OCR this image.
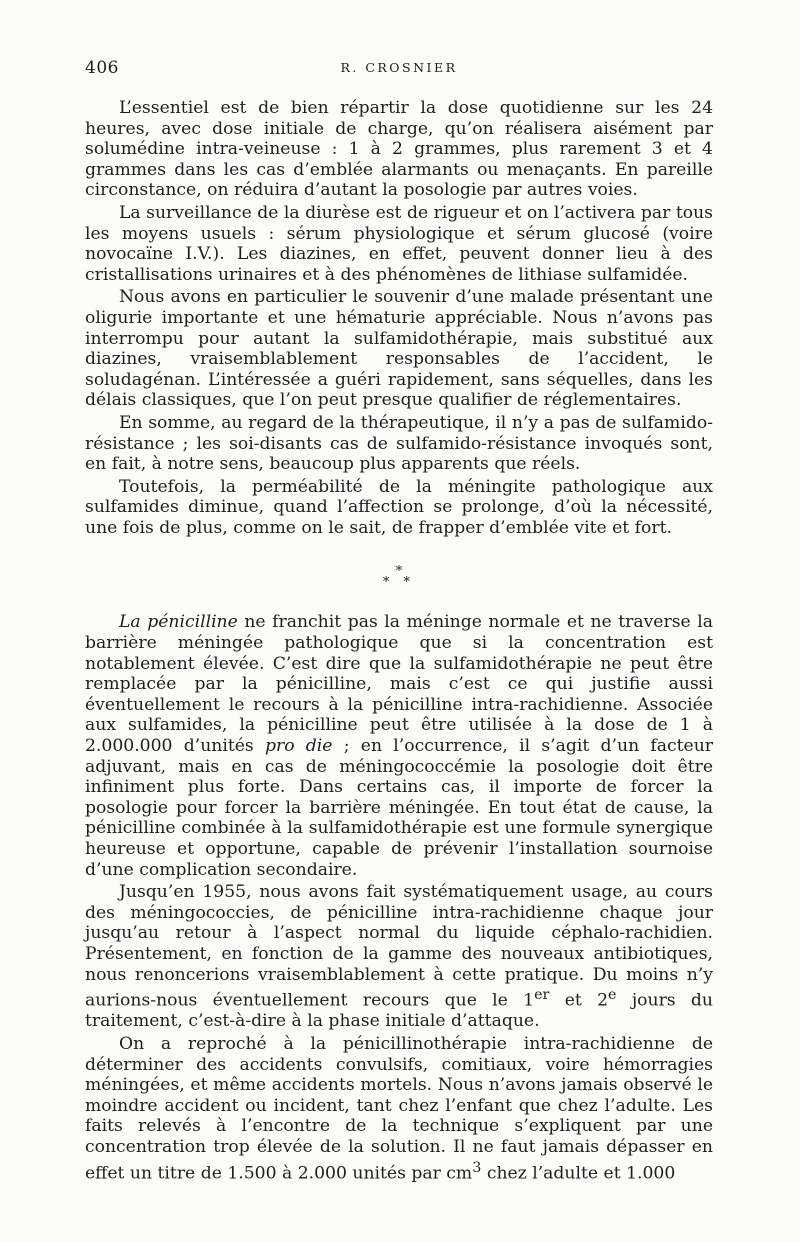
406	R. CROSNIER

L’essentiel est de bien répartir la dose quotidienne sur les 24 heures, avec dose initiale de charge, qu’on réalisera aisément par solumédine intra-veineuse : 1 à 2 grammes, plus rarement 3 et 4 grammes dans les cas d’emblée alarmants ou menaçants. En pareille circonstance, on réduira d’autant la posologie par autres voies.

La surveillance de la diurèse est de rigueur et on l’activera par tous les moyens usuels : sérum physiologique et sérum glucosé (voire novocaïne I.V.). Les diazines, en effet, peuvent donner lieu à des cristallisations urinaires et à des phénomènes de lithiase sulfamidée.

Nous avons en particulier le souvenir d’une malade présentant une oligurie importante et une hématurie appréciable. Nous n’avons pas interrompu pour autant la sulfamidothérapie, mais substitué aux diazines, vraisemblablement responsables de l’accident, le soludagénan. L’intéressée a guéri rapidement, sans séquelles, dans les délais classiques, que l’on peut presque qualifier de réglementaires.

En somme, au regard de la thérapeutique, il n’y a pas de sulfamido-résistance ; les soi-disants cas de sulfamido-résistance invoqués sont, en fait, à notre sens, beaucoup plus apparents que réels.

Toutefois, la perméabilité de la méningite pathologique aux sulfamides diminue, quand l’affection se prolonge, d’où la nécessité, une fois de plus, comme on le sait, de frapper d’emblée vite et fort.

*
* *

La pénicilline ne franchit pas la méninge normale et ne traverse la barrière méningée pathologique que si la concentration est notablement élevée. C’est dire que la sulfamidothérapie ne peut être remplacée par la pénicilline, mais c’est ce qui justifie aussi éventuellement le recours à la pénicilline intra-rachidienne. Associée aux sulfamides, la pénicilline peut être utilisée à la dose de 1 à 2.000.000 d’unités pro die ; en l’occurrence, il s’agit d’un facteur adjuvant, mais en cas de méningococcémie la posologie doit être infiniment plus forte. Dans certains cas, il importe de forcer la posologie pour forcer la barrière méningée. En tout état de cause, la pénicilline combinée à la sulfamidothérapie est une formule synergique heureuse et opportune, capable de prévenir l’installation sournoise d’une complication secondaire.

Jusqu’en 1955, nous avons fait systématiquement usage, au cours des méningococcies, de pénicilline intra-rachidienne chaque jour jusqu’au retour à l’aspect normal du liquide céphalo-rachidien. Présentement, en fonction de la gamme des nouveaux antibiotiques, nous renoncerions vraisemblablement à cette pratique. Du moins n’y aurions-nous éventuellement recours que le 1er et 2e jours du traitement, c’est-à-dire à la phase initiale d’attaque.

On a reproché à la pénicillinothérapie intra-rachidienne de déterminer des accidents convulsifs, comitiaux, voire hémorragies méningées, et même accidents mortels. Nous n’avons jamais observé le moindre accident ou incident, tant chez l’enfant que chez l’adulte. Les faits relevés à l’encontre de la technique s’expliquent par une concentration trop élevée de la solution. Il ne faut jamais dépasser en effet un titre de 1.500 à 2.000 unités par $cm^3$ chez l’adulte et 1.000
